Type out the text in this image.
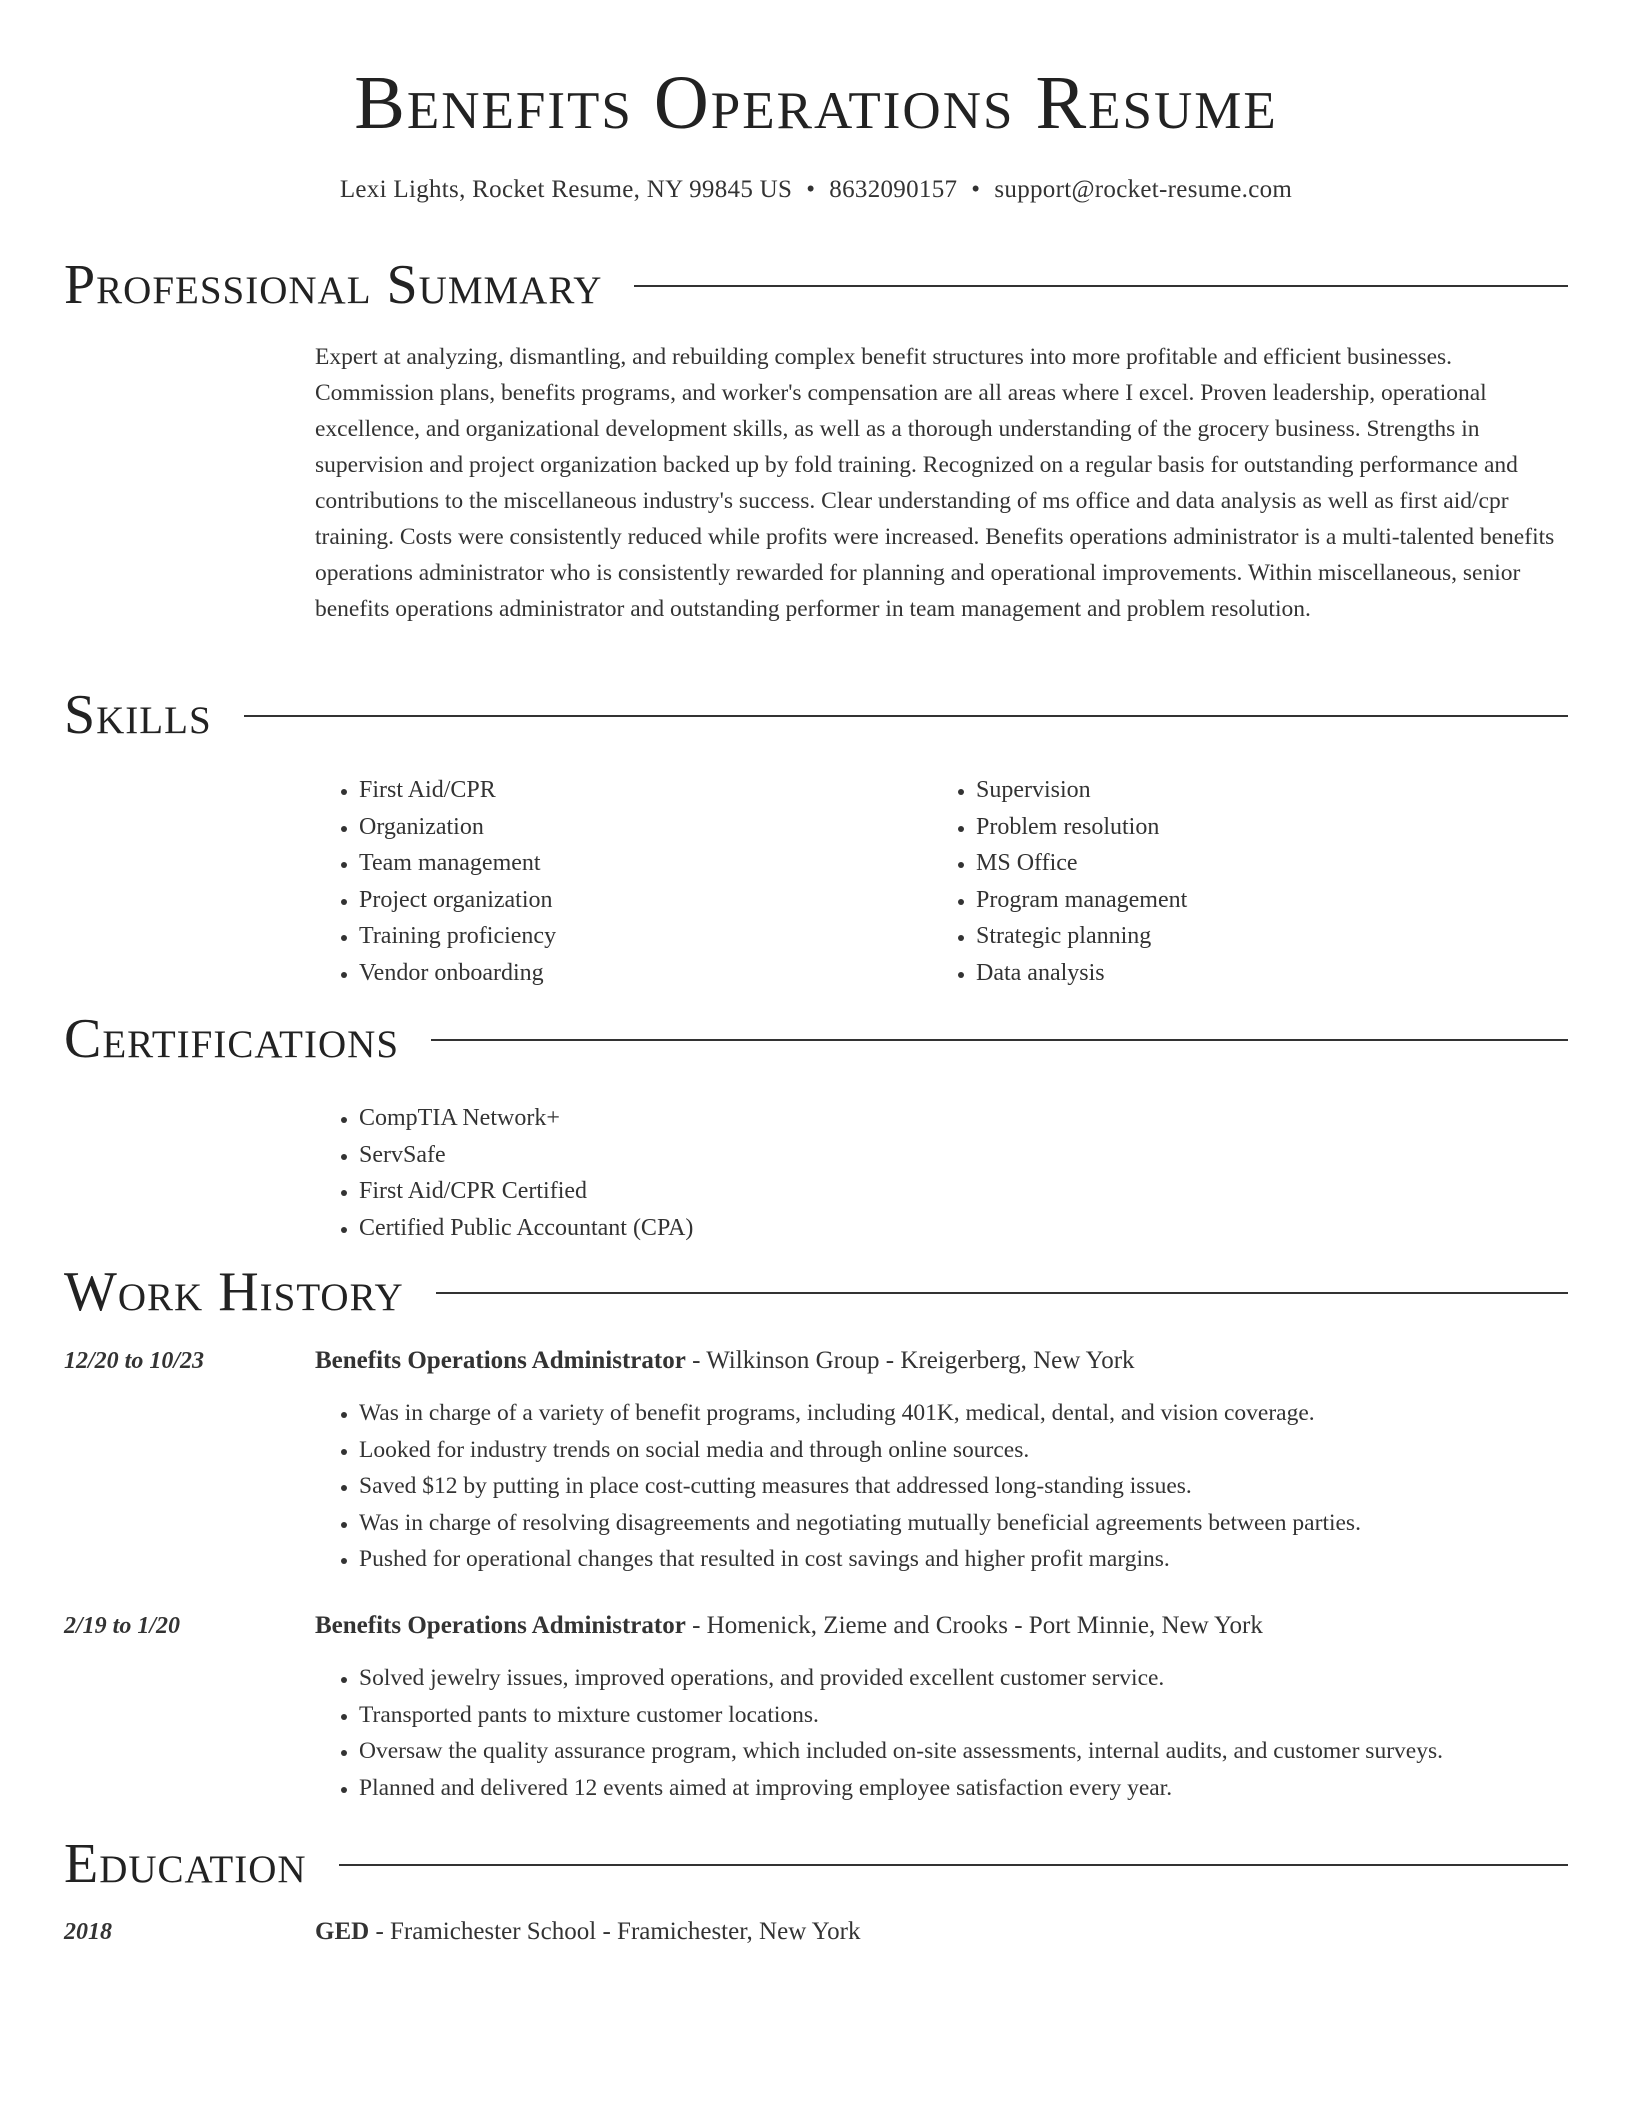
Benefits Operations Resume
Lexi Lights, Rocket Resume, NY 99845 US • 8632090157 • support@rocket-resume.com
Professional Summary

Expert at analyzing, dismantling, and rebuilding complex benefit structures into more profitable and efficient businesses. Commission plans, benefits programs, and worker's compensation are all areas where I excel. Proven leadership, operational excellence, and organizational development skills, as well as a thorough understanding of the grocery business. Strengths in supervision and project organization backed up by fold training. Recognized on a regular basis for outstanding performance and contributions to the miscellaneous industry's success. Clear understanding of ms office and data analysis as well as first aid/cpr training. Costs were consistently reduced while profits were increased. Benefits operations administrator is a multi-talented benefits operations administrator who is consistently rewarded for planning and operational improvements. Within miscellaneous, senior benefits operations administrator and outstanding performer in team management and problem resolution.

Skills
• First Aid/CPR
• Organization
• Team management
• Project organization
• Training proficiency
• Vendor onboarding
• Supervision
• Problem resolution
• MS Office
• Program management
• Strategic planning
• Data analysis
Certifications
• CompTIA Network+
• ServSafe
• First Aid/CPR Certified
• Certified Public Accountant (CPA)
Work History
12/20 to 10/23	Benefits Operations Administrator - Wilkinson Group - Kreigerberg, New York
• Was in charge of a variety of benefit programs, including 401K, medical, dental, and vision coverage.
• Looked for industry trends on social media and through online sources.
• Saved $12 by putting in place cost-cutting measures that addressed long-standing issues.
• Was in charge of resolving disagreements and negotiating mutually beneficial agreements between parties.
• Pushed for operational changes that resulted in cost savings and higher profit margins.
2/19 to 1/20	Benefits Operations Administrator - Homenick, Zieme and Crooks - Port Minnie, New York
• Solved jewelry issues, improved operations, and provided excellent customer service.
• Transported pants to mixture customer locations.
• Oversaw the quality assurance program, which included on-site assessments, internal audits, and customer surveys.
• Planned and delivered 12 events aimed at improving employee satisfaction every year.
Education
2018	GED - Framichester School - Framichester, New York
